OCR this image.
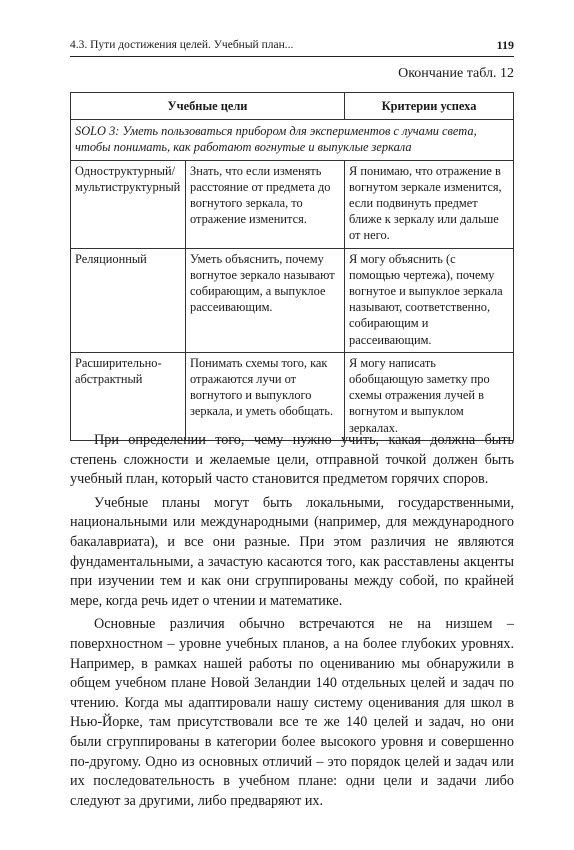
4.3. Пути достижения целей. Учебный план...	119
Окончание табл. 12
Учебные цели		Критерии успеха
SOLO 3: Уметь пользоваться прибором для экспериментов с лучами света, чтобы понимать, как работают вогнутые и выпуклые зеркала		
Одноструктурный/ мультиструктурный	Знать, что если изменять расстояние от предмета до вогнутого зеркала, то отражение изменится.	Я понимаю, что отражение в вогнутом зеркале изменится, если подвинуть предмет ближе к зеркалу или дальше от него.
Реляционный	Уметь объяснить, почему вогнутое зеркало называют собирающим, а выпуклое рассеивающим.	Я могу объяснить (с помощью чертежа), почему вогнутое и выпуклое зеркала называют, соответственно, собирающим и рассеивающим.
Расширительно-абстрактный	Понимать схемы того, как отражаются лучи от вогнутого и выпуклого зеркала, и уметь обобщать.	Я могу написать обобщающую заметку про схемы отражения лучей в вогнутом и выпуклом зеркалах.

При определении того, чему нужно учить, какая должна быть степень сложности и желаемые цели, отправной точкой должен быть учебный план, который часто становится предметом горячих споров.

Учебные планы могут быть локальными, государственными, национальными или международными (например, для международного бакалавриата), и все они разные. При этом различия не являются фундаментальными, а зачастую касаются того, как расставлены акценты при изучении тем и как они сгруппированы между собой, по крайней мере, когда речь идет о чтении и математике.

Основные различия обычно встречаются не на низшем – поверхностном – уровне учебных планов, а на более глубоких уровнях. Например, в рамках нашей работы по оцениванию мы обнаружили в общем учебном плане Новой Зеландии 140 отдельных целей и задач по чтению. Когда мы адаптировали нашу систему оценивания для школ в Нью-Йорке, там присутствовали все те же 140 целей и задач, но они были сгруппированы в категории более высокого уровня и совершенно по-другому. Одно из основных отличий – это порядок целей и задач или их последовательность в учебном плане: одни цели и задачи либо следуют за другими, либо предваряют их.
